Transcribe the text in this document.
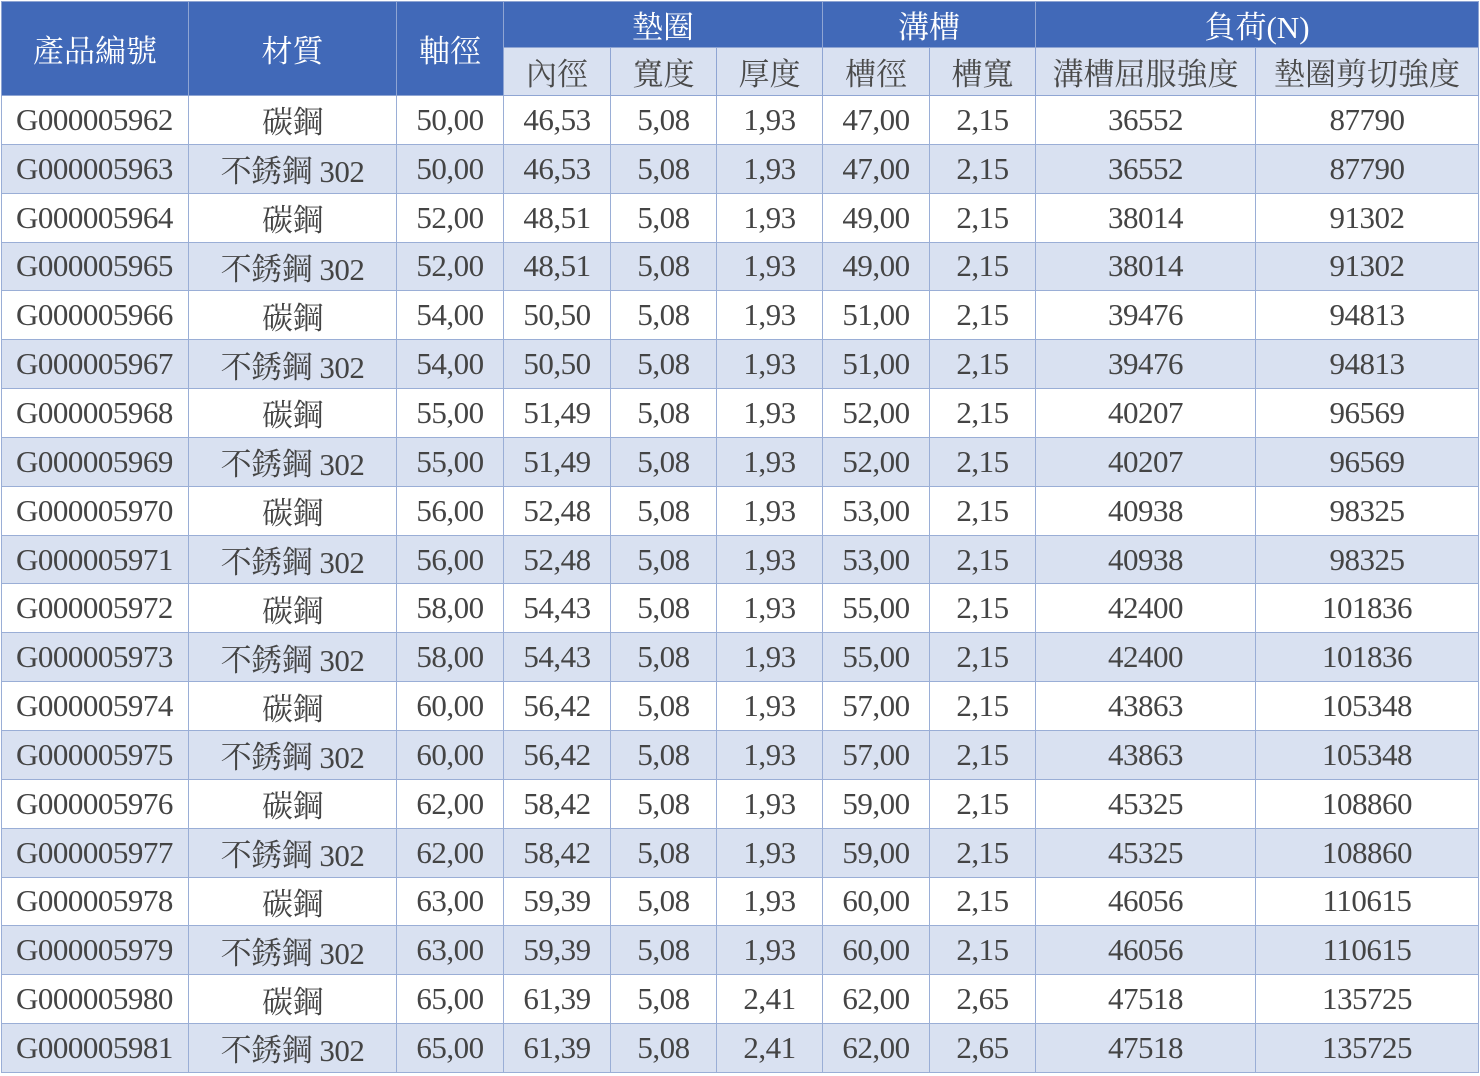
產品編號	材質	軸徑	墊圈			溝槽		負荷(N)	
			內徑	寬度	厚度	槽徑	槽寬	溝槽屈服強度	墊圈剪切強度
G000005962	碳鋼	50,00	46,53	5,08	1,93	47,00	2,15	36552	87790
G000005963	不銹鋼 302	50,00	46,53	5,08	1,93	47,00	2,15	36552	87790
G000005964	碳鋼	52,00	48,51	5,08	1,93	49,00	2,15	38014	91302
G000005965	不銹鋼 302	52,00	48,51	5,08	1,93	49,00	2,15	38014	91302
G000005966	碳鋼	54,00	50,50	5,08	1,93	51,00	2,15	39476	94813
G000005967	不銹鋼 302	54,00	50,50	5,08	1,93	51,00	2,15	39476	94813
G000005968	碳鋼	55,00	51,49	5,08	1,93	52,00	2,15	40207	96569
G000005969	不銹鋼 302	55,00	51,49	5,08	1,93	52,00	2,15	40207	96569
G000005970	碳鋼	56,00	52,48	5,08	1,93	53,00	2,15	40938	98325
G000005971	不銹鋼 302	56,00	52,48	5,08	1,93	53,00	2,15	40938	98325
G000005972	碳鋼	58,00	54,43	5,08	1,93	55,00	2,15	42400	101836
G000005973	不銹鋼 302	58,00	54,43	5,08	1,93	55,00	2,15	42400	101836
G000005974	碳鋼	60,00	56,42	5,08	1,93	57,00	2,15	43863	105348
G000005975	不銹鋼 302	60,00	56,42	5,08	1,93	57,00	2,15	43863	105348
G000005976	碳鋼	62,00	58,42	5,08	1,93	59,00	2,15	45325	108860
G000005977	不銹鋼 302	62,00	58,42	5,08	1,93	59,00	2,15	45325	108860
G000005978	碳鋼	63,00	59,39	5,08	1,93	60,00	2,15	46056	110615
G000005979	不銹鋼 302	63,00	59,39	5,08	1,93	60,00	2,15	46056	110615
G000005980	碳鋼	65,00	61,39	5,08	2,41	62,00	2,65	47518	135725
G000005981	不銹鋼 302	65,00	61,39	5,08	2,41	62,00	2,65	47518	135725
